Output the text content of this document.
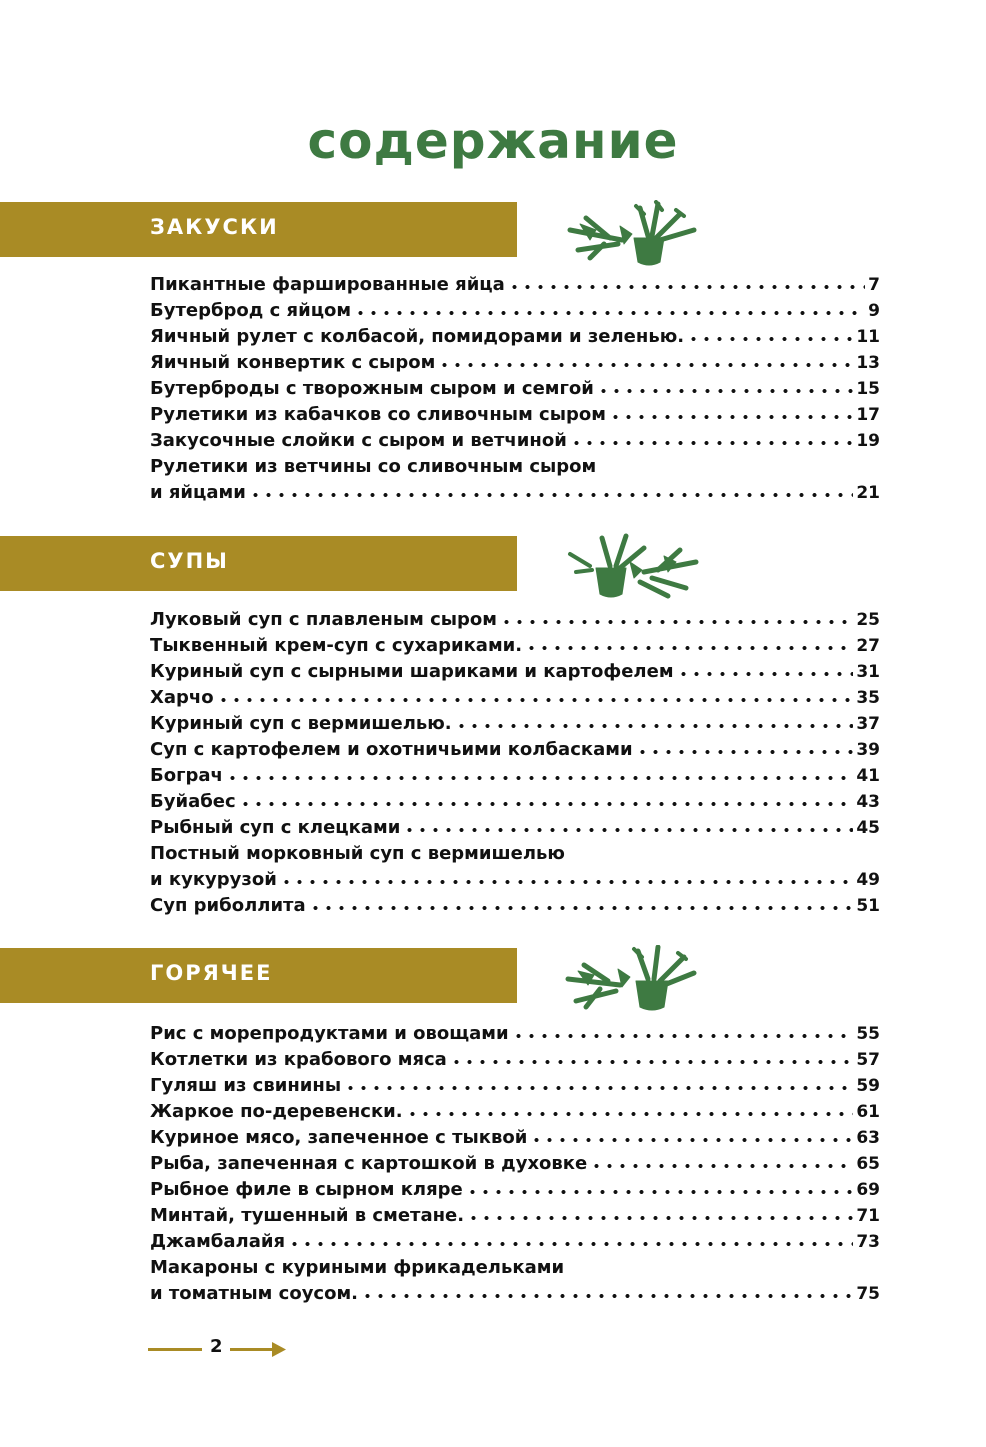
содержание
ЗАКУСКИ
Пикантные фаршированные яйца	7
Бутерброд с яйцом	9
Яичный рулет с колбасой, помидорами и зеленью.	11
Яичный конвертик с сыром	13
Бутерброды с творожным сыром и семгой	15
Рулетики из кабачков со сливочным сыром	17
Закусочные слойки с сыром и ветчиной	19
Рулетики из ветчины со сливочным сыром
и яйцами	21
СУПЫ
Луковый суп с плавленым сыром	25
Тыквенный крем-суп с сухариками.	27
Куриный суп с сырными шариками и картофелем	31
Харчо	35
Куриный суп с вермишелью.	37
Суп с картофелем и охотничьими колбасками	39
Бограч	41
Буйабес	43
Рыбный суп с клецками	45
Постный морковный суп с вермишелью
и кукурузой	49
Суп риболлита	51
ГОРЯЧЕЕ
Рис с морепродуктами и овощами	55
Котлетки из крабового мяса	57
Гуляш из свинины	59
Жаркое по-деревенски.	61
Куриное мясо, запеченное с тыквой	63
Рыба, запеченная с картошкой в духовке	65
Рыбное филе в сырном кляре	69
Минтай, тушенный в сметане.	71
Джамбалайя	73
Макароны с куриными фрикадельками
и томатным соусом.	75
2
